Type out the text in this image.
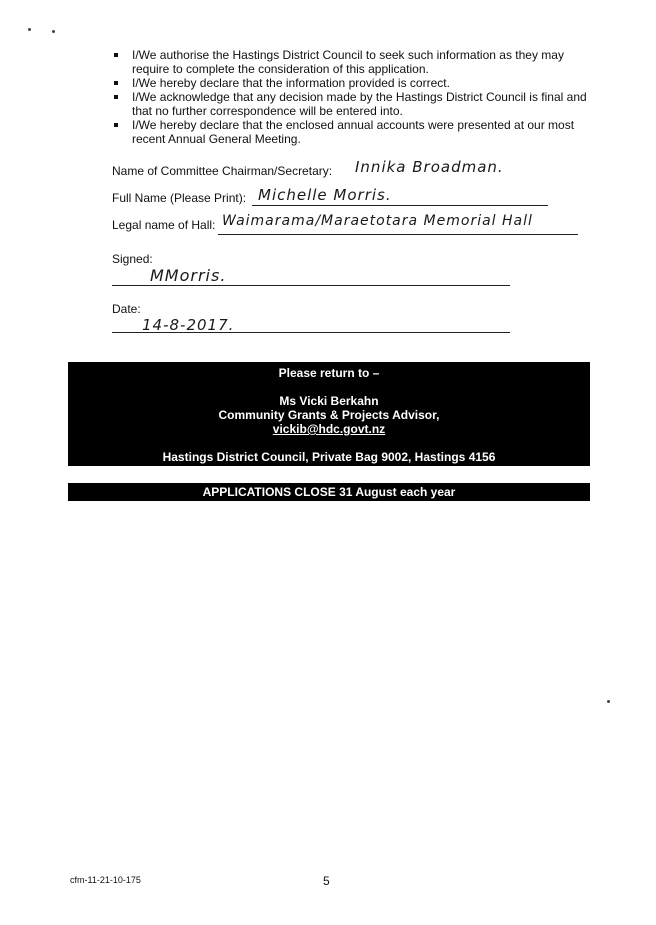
I/We authorise the Hastings District Council to seek such information as they may require to complete the consideration of this application.
I/We hereby declare that the information provided is correct.
I/We acknowledge that any decision made by the Hastings District Council is final and that no further correspondence will be entered into.
I/We hereby declare that the enclosed annual accounts were presented at our most recent Annual General Meeting.
Name of Committee Chairman/Secretary: Innika Broadman.
Full Name (Please Print): Michelle Morris.
Legal name of Hall: Waimarama/Maraetotara Memorial Hall
Signed:
MMorris.
Date:
14-8-2017.
Please return to –
Ms Vicki Berkahn
Community Grants & Projects Advisor,
vickib@hdc.govt.nz
Hastings District Council, Private Bag 9002, Hastings 4156
APPLICATIONS CLOSE 31 August each year
cfm-11-21-10-175	5
